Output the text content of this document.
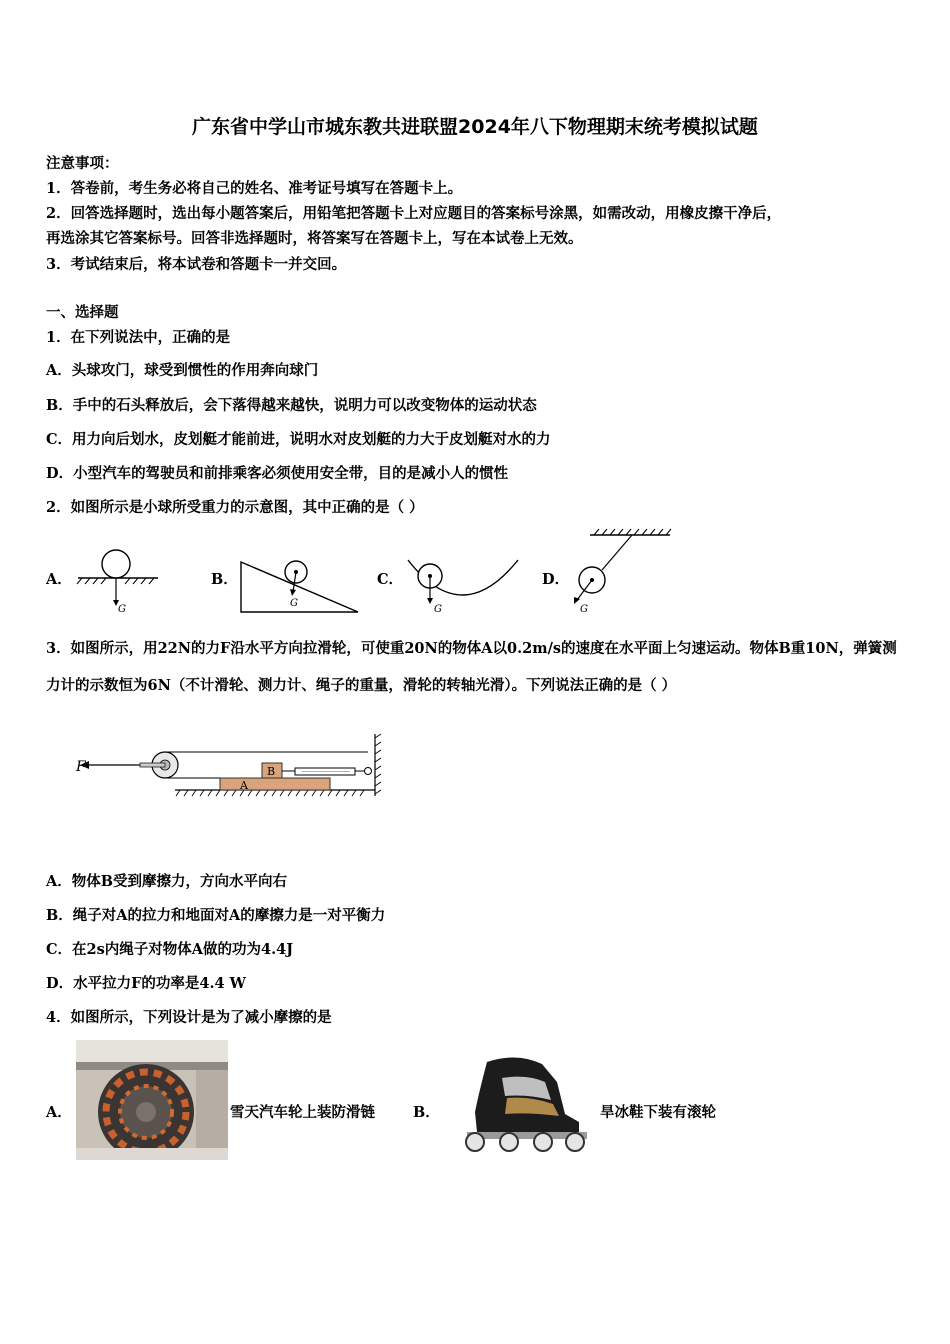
广东省中学山市城东教共进联盟2024年八下物理期末统考模拟试题
注意事项：
1．答卷前，考生务必将自己的姓名、准考证号填写在答题卡上。
2．回答选择题时，选出每小题答案后，用铅笔把答题卡上对应题目的答案标号涂黑，如需改动，用橡皮擦干净后，
再选涂其它答案标号。回答非选择题时，将答案写在答题卡上，写在本试卷上无效。
3．考试结束后，将本试卷和答题卡一并交回。
一、选择题
1．在下列说法中，正确的是
A．头球攻门，球受到惯性的作用奔向球门
B．手中的石头释放后，会下落得越来越快，说明力可以改变物体的运动状态
C．用力向后划水，皮划艇才能前进，说明水对皮划艇的力大于皮划艇对水的力
D．小型汽车的驾驶员和前排乘客必须使用安全带，目的是减小人的惯性
2．如图所示是小球所受重力的示意图，其中正确的是（ ）
A．
G
B．
G
C．
G
D．
G
3．如图所示，用22N的力F沿水平方向拉滑轮，可使重20N的物体A以0.2m/s的速度在水平面上匀速运动。物体B重10N，弹簧测力计的示数恒为6N（不计滑轮、测力计、绳子的重量，滑轮的转轴光滑）。下列说法正确的是（ ）
A
B
F
A．物体B受到摩擦力，方向水平向右
B．绳子对A的拉力和地面对A的摩擦力是一对平衡力
C．在2s内绳子对物体A做的功为4.4J
D．水平拉力F的功率是4.4 W
4．如图所示，下列设计是为了减小摩擦的是
A．	雪天汽车轮上装防滑链	B．	旱冰鞋下装有滚轮
